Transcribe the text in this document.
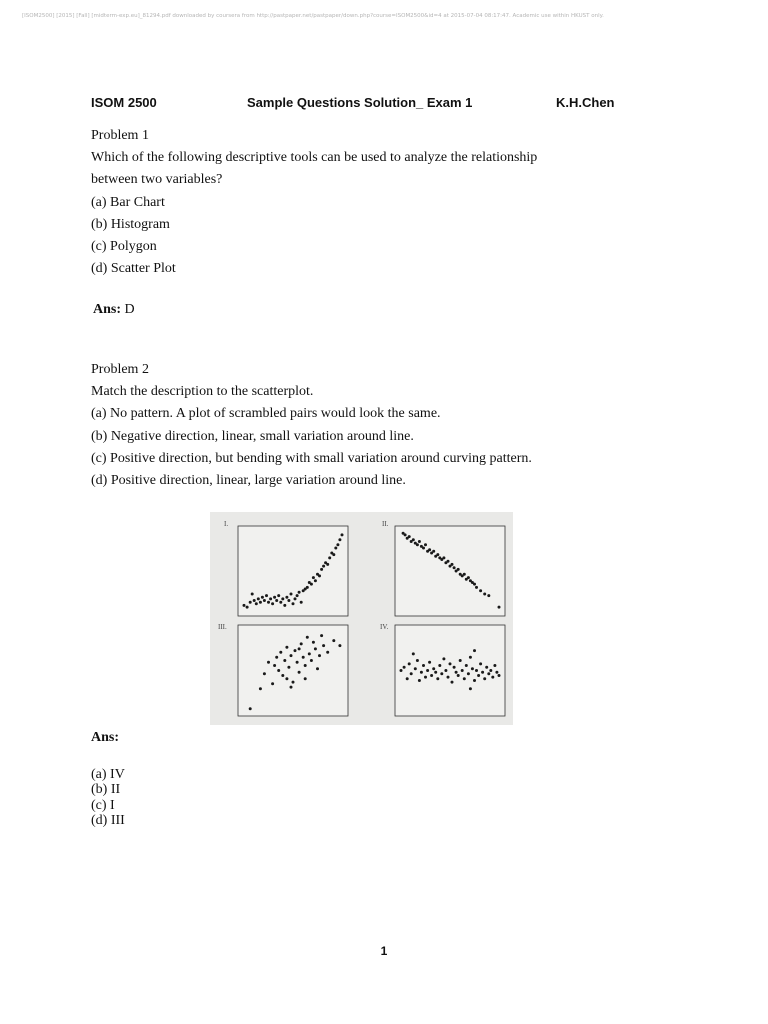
[ISOM2500] [2015] [Fall] [midterm-exp.eu]_81294.pdf downloaded by coursera from http://pastpaper.net/pastpaper/down.php?course=ISOM2500&id=4 at 2015-07-04 08:17:47. Academic use within HKUST only.
ISOM 2500	Sample Questions Solution_ Exam 1	K.H.Chen
Problem 1
Which of the following descriptive tools can be used to analyze the relationship
between two variables?
(a) Bar Chart
(b) Histogram
(c) Polygon
(d) Scatter Plot
Ans: D
Problem 2
Match the description to the scatterplot.
(a) No pattern. A plot of scrambled pairs would look the same.
(b) Negative direction, linear, small variation around line.
(c) Positive direction, but bending with small variation around curving pattern.
(d) Positive direction, linear, large variation around line.
I.	II.
III.	IV.
Ans:
(a) IV
(b) II
(c) I
(d) III
1
